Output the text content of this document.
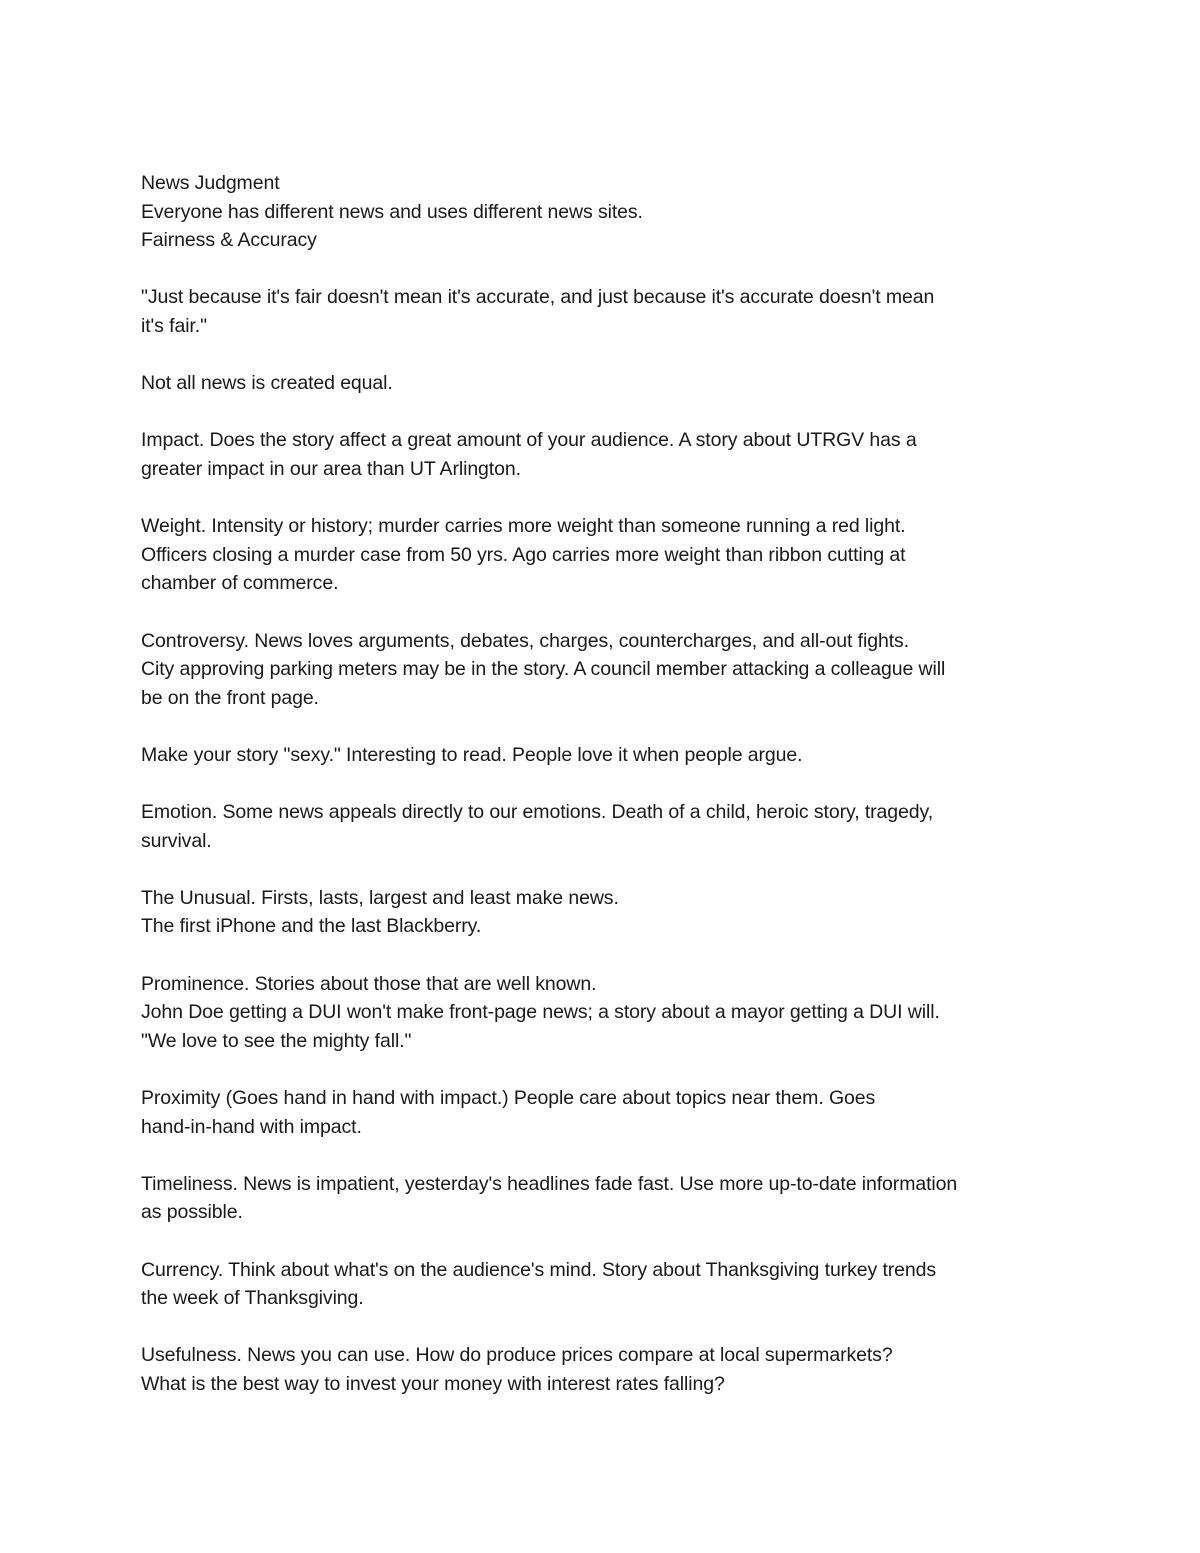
News Judgment
Everyone has different news and uses different news sites.
Fairness & Accuracy
"Just because it's fair doesn't mean it's accurate, and just because it's accurate doesn't mean
it's fair."
Not all news is created equal.
Impact. Does the story affect a great amount of your audience. A story about UTRGV has a
greater impact in our area than UT Arlington.
Weight. Intensity or history; murder carries more weight than someone running a red light.
Officers closing a murder case from 50 yrs. Ago carries more weight than ribbon cutting at
chamber of commerce.
Controversy. News loves arguments, debates, charges, countercharges, and all-out fights.
City approving parking meters may be in the story. A council member attacking a colleague will
be on the front page.
Make your story "sexy." Interesting to read. People love it when people argue.
Emotion. Some news appeals directly to our emotions. Death of a child, heroic story, tragedy,
survival.
The Unusual. Firsts, lasts, largest and least make news.
The first iPhone and the last Blackberry.
Prominence. Stories about those that are well known.
John Doe getting a DUI won't make front-page news; a story about a mayor getting a DUI will.
"We love to see the mighty fall."
Proximity (Goes hand in hand with impact.) People care about topics near them. Goes
hand-in-hand with impact.
Timeliness. News is impatient, yesterday's headlines fade fast. Use more up-to-date information
as possible.
Currency. Think about what's on the audience's mind. Story about Thanksgiving turkey trends
the week of Thanksgiving.
Usefulness. News you can use. How do produce prices compare at local supermarkets?
What is the best way to invest your money with interest rates falling?
